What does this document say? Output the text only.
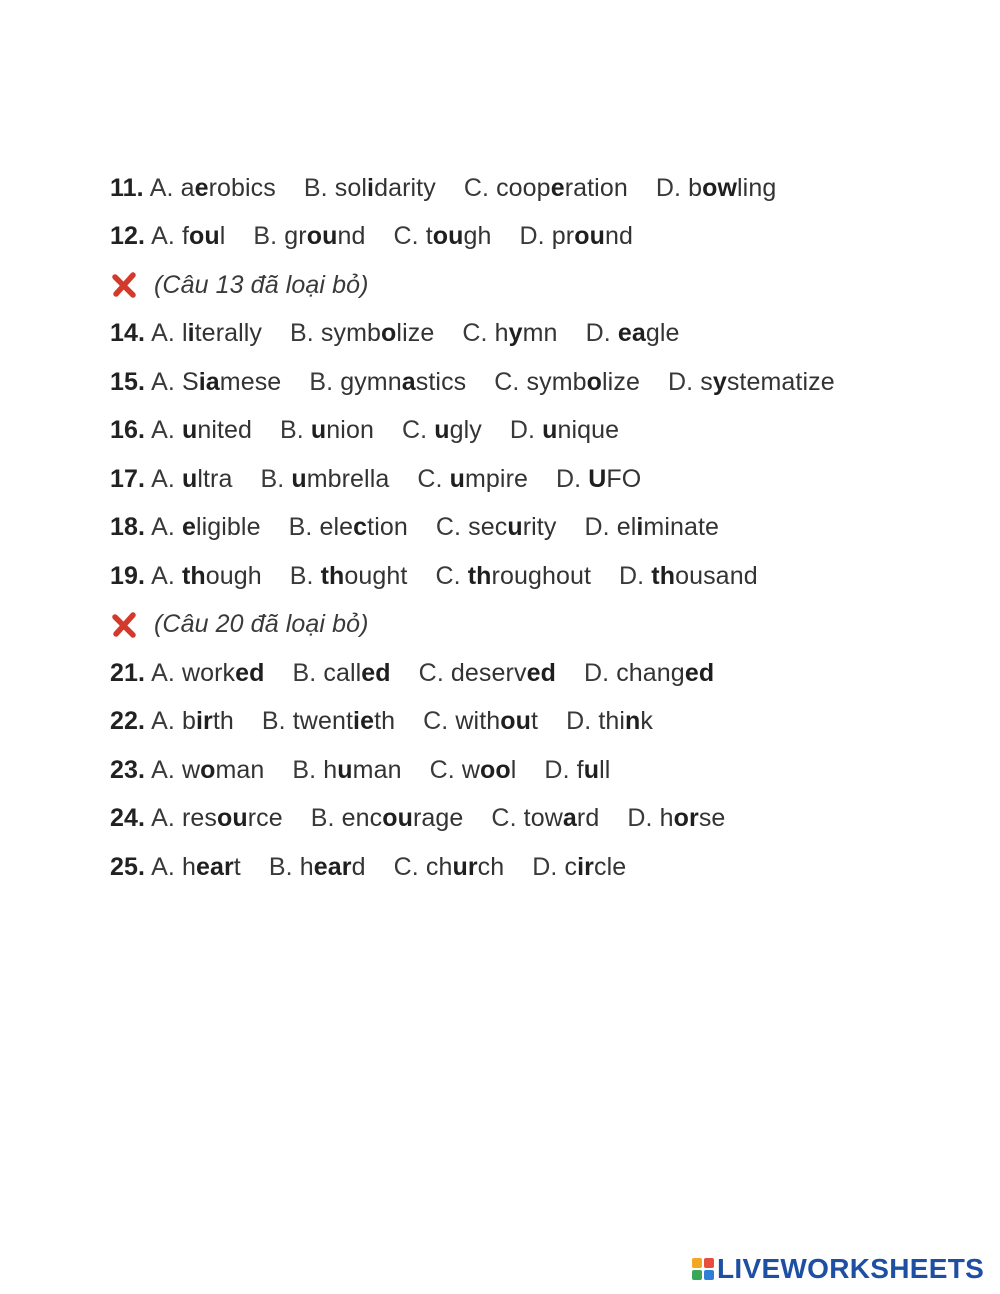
11. A. aerobics B. solidarity C. cooperation D. bowling
12. A. foul B. ground C. tough D. pround
(Câu 13 đã loại bỏ)
14. A. literally B. symbolize C. hymn D. eagle
15. A. Siamese B. gymnastics C. symbolize D. systematize
16. A. united B. union C. ugly D. unique
17. A. ultra B. umbrella C. umpire D. UFO
18. A. eligible B. election C. security D. eliminate
19. A. though B. thought C. throughout D. thousand
(Câu 20 đã loại bỏ)
21. A. worked B. called C. deserved D. changed
22. A. birth B. twentieth C. without D. think
23. A. woman B. human C. wool D. full
24. A. resource B. encourage C. toward D. horse
25. A. heart B. heard C. church D. circle
LIVEWORKSHEETS
